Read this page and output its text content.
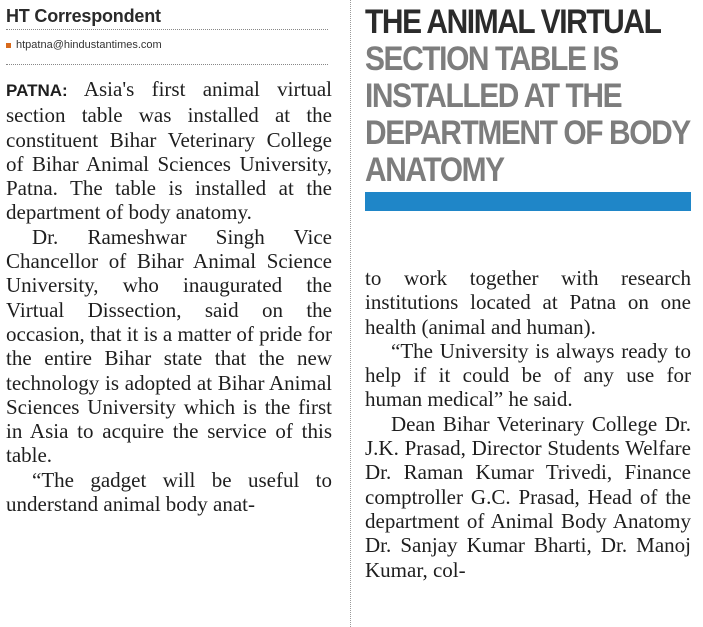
HT Correspondent
htpatna@hindustantimes.com

PATNA: Asia's first animal virtual section table was installed at the constituent Bihar Veterinary College of Bihar Animal Sciences University, Patna. The table is installed at the department of body anatomy.

Dr. Rameshwar Singh Vice Chancellor of Bihar Animal Science University, who inaugurated the Virtual Dissection, said on the occasion, that it is a matter of pride for the entire Bihar state that the new technology is adopted at Bihar Animal Sciences University which is the first in Asia to acquire the service of this table.

“The gadget will be useful to understand animal body anat-

THE ANIMAL VIRTUAL
SECTION TABLE IS INSTALLED AT THE DEPARTMENT OF BODY ANATOMY

to work together with research institutions located at Patna on one health (animal and human).

“The University is always ready to help if it could be of any use for human medical” he said.

Dean Bihar Veterinary College Dr. J.K. Prasad, Director Students Welfare Dr. Raman Kumar Trivedi, Finance comptroller G.C. Prasad, Head of the department of Animal Body Anatomy Dr. Sanjay Kumar Bharti, Dr. Manoj Kumar, col-
